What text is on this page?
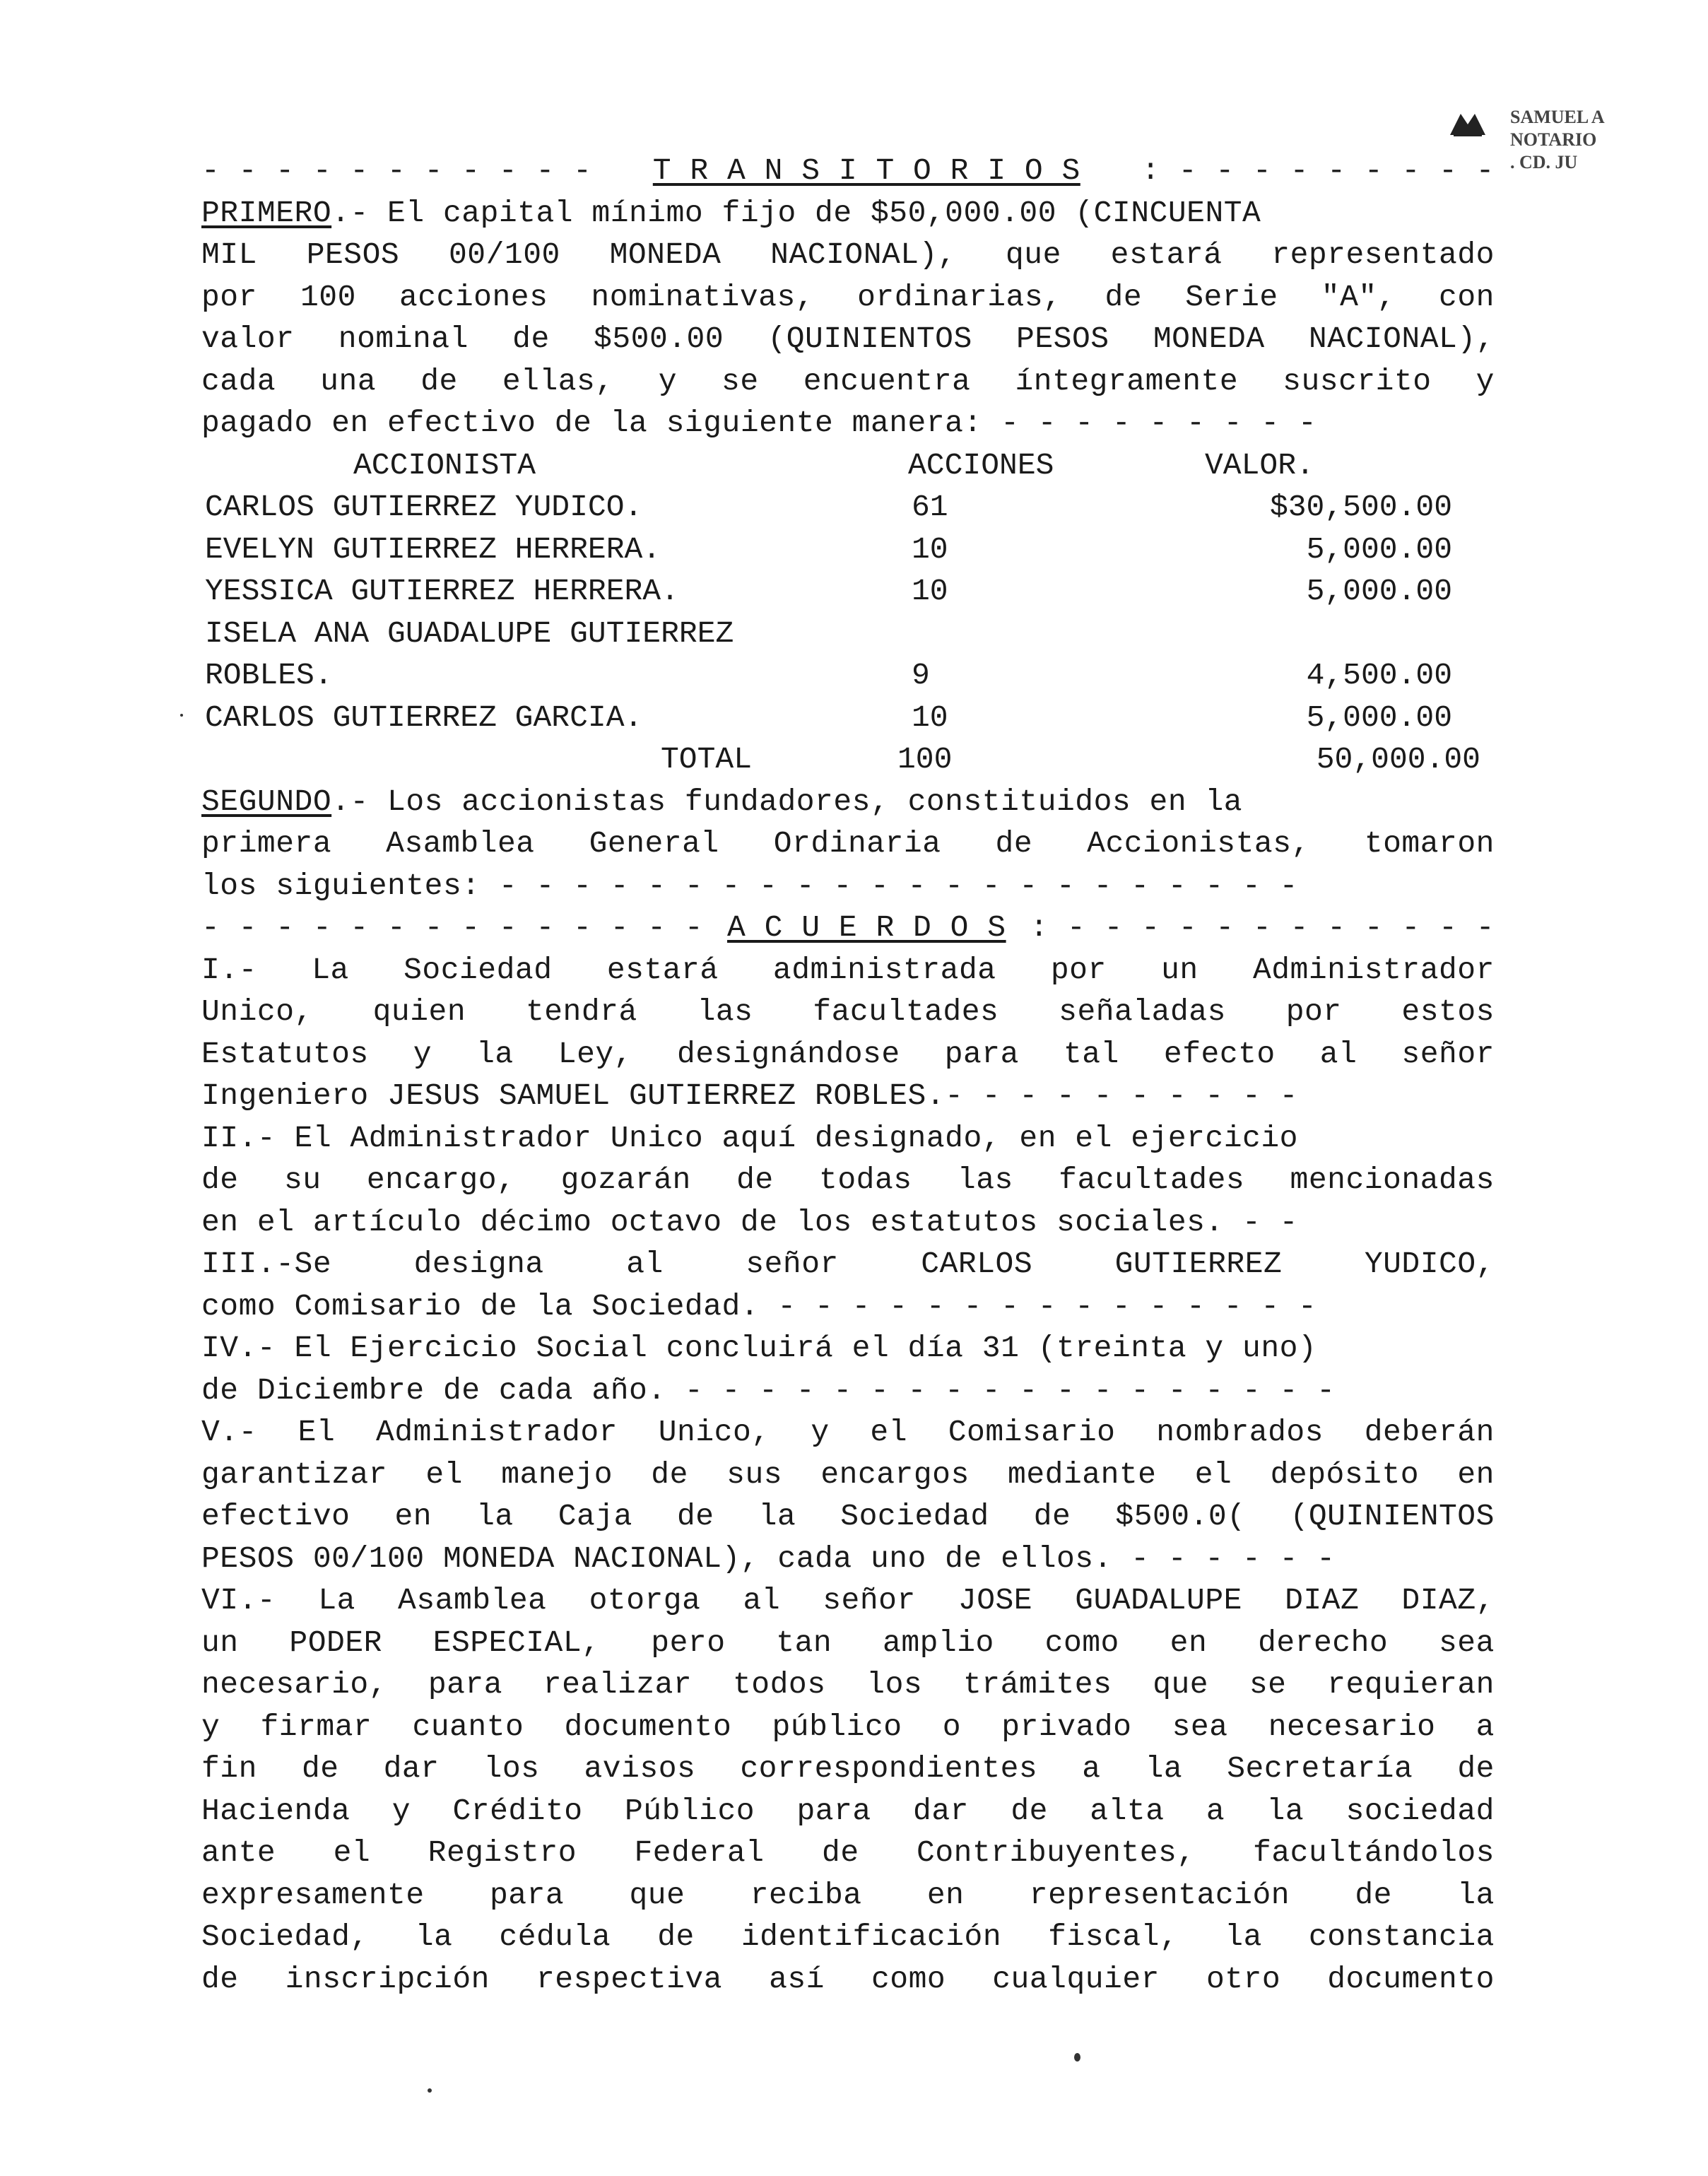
SAMUEL A
NOTARIO
. CD. JU
- - - - - - - - - - - T R A N S I T O R I O S : - - - - - - - - -
PRIMERO.- El capital mínimo fijo de $50,000.00 (CINCUENTA
MIL PESOS 00/100 MONEDA NACIONAL), que estará representado
por 100 acciones nominativas, ordinarias, de Serie "A", con
valor nominal de $500.00 (QUINIENTOS PESOS MONEDA NACIONAL),
cada una de ellas, y se encuentra íntegramente suscrito y
pagado en efectivo de la siguiente manera: - - - - - - - - -
ACCIONISTA	ACCIONES	VALOR.
CARLOS GUTIERREZ YUDICO.	61	$30,500.00
EVELYN GUTIERREZ HERRERA.	10	5,000.00
YESSICA GUTIERREZ HERRERA.	10	5,000.00
ISELA ANA GUADALUPE GUTIERREZ
ROBLES.	9	4,500.00
CARLOS GUTIERREZ GARCIA.	10	5,000.00
TOTAL	100	50,000.00
SEGUNDO.- Los accionistas fundadores, constituidos en la
primera Asamblea General Ordinaria de Accionistas, tomaron
los siguientes: - - - - - - - - - - - - - - - - - - - - - -
- - - - - - - - - - - - - - A C U E R D O S : - - - - - - - - - - - -
I.- La Sociedad estará administrada por un Administrador
Unico, quien tendrá las facultades señaladas por estos
Estatutos y la Ley, designándose para tal efecto al señor
Ingeniero JESUS SAMUEL GUTIERREZ ROBLES.- - - - - - - - - -
II.- El Administrador Unico aquí designado, en el ejercicio
de su encargo, gozarán de todas las facultades mencionadas
en el artículo décimo octavo de los estatutos sociales. - -
III.-Se	designa	al	señor	CARLOS	GUTIERREZ	YUDICO,
como Comisario de la Sociedad. - - - - - - - - - - - - - - -
IV.- El Ejercicio Social concluirá el día 31 (treinta y uno)
de Diciembre de cada año. - - - - - - - - - - - - - - - - - -
V.- El Administrador Unico, y el Comisario nombrados deberán
garantizar el manejo de sus encargos mediante el depósito en
efectivo en la Caja de la Sociedad de $500.0( (QUINIENTOS
PESOS 00/100 MONEDA NACIONAL), cada uno de ellos. - - - - - -
VI.- La Asamblea otorga al señor JOSE GUADALUPE DIAZ DIAZ,
un PODER ESPECIAL, pero tan amplio como en derecho sea
necesario, para realizar todos los trámites que se requieran
y firmar cuanto documento público o privado sea necesario a
fin de dar los avisos correspondientes a la Secretaría de
Hacienda y Crédito Público para dar de alta a la sociedad
ante el Registro Federal de Contribuyentes, facultándolos
expresamente para que reciba en representación de la
Sociedad, la cédula de identificación fiscal, la constancia
de inscripción respectiva así como cualquier otro documento
